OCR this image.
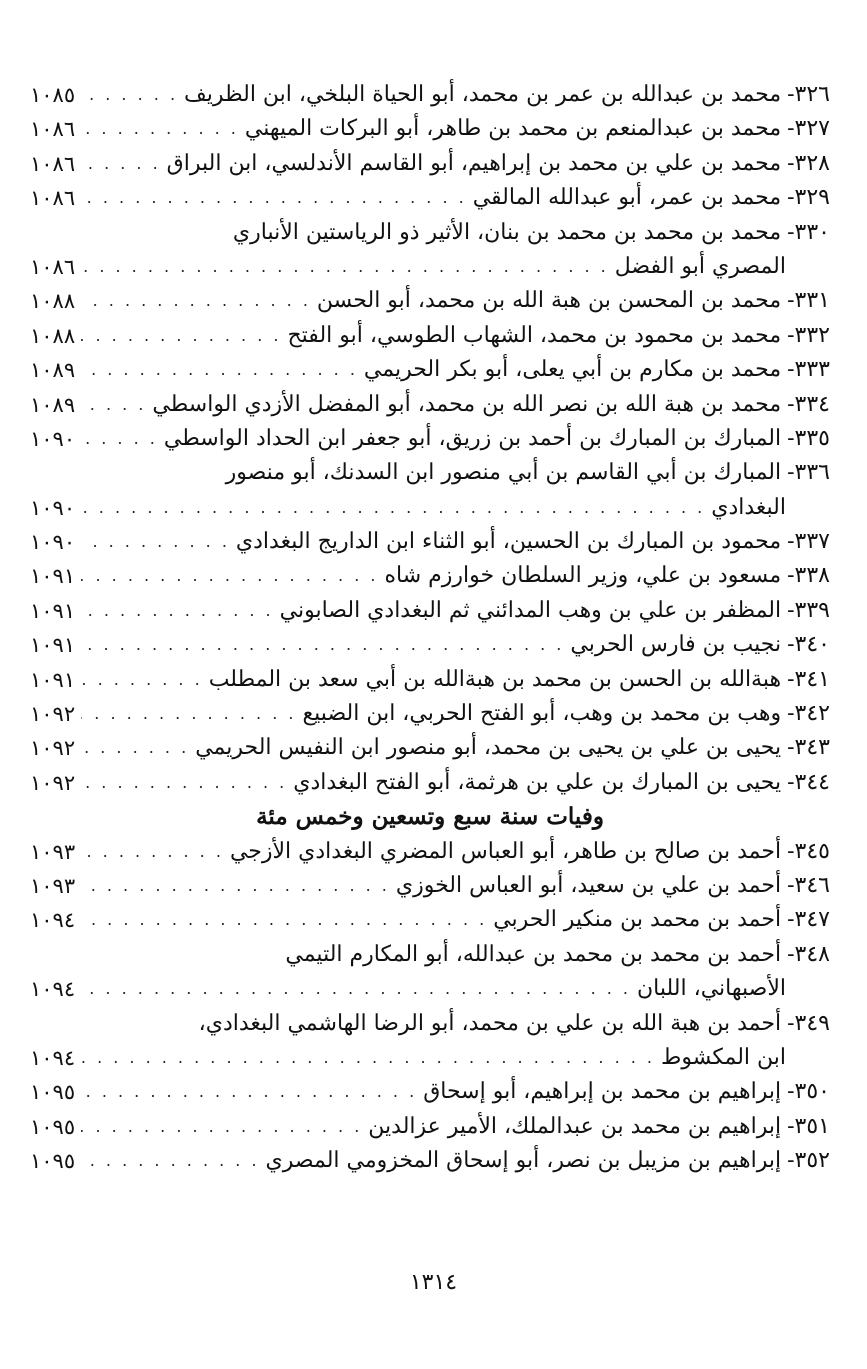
٣٢٦-
محمد بن عبدالله بن عمر بن محمد، أبو الحياة البلخي، ابن الظريف
. . .
١٠٨٥
٣٢٧-
محمد بن عبدالمنعم بن محمد بن طاهر، أبو البركات الميهني
. . .
١٠٨٦
٣٢٨-
محمد بن علي بن محمد بن إبراهيم، أبو القاسم الأندلسي، ابن البراق
. . .
١٠٨٦
٣٢٩-
محمد بن عمر، أبو عبدالله المالقي
. . .
١٠٨٦
٣٣٠-
محمد بن محمد بن محمد بن بنان، الأثير ذو الرياستين الأنباري
المصري أبو الفضل
. . .
١٠٨٦
٣٣١-
محمد بن المحسن بن هبة الله بن محمد، أبو الحسن
. . .
١٠٨٨
٣٣٢-
محمد بن محمود بن محمد، الشهاب الطوسي، أبو الفتح
. . .
١٠٨٨
٣٣٣-
محمد بن مكارم بن أبي يعلى، أبو بكر الحريمي
. . .
١٠٨٩
٣٣٤-
محمد بن هبة الله بن نصر الله بن محمد، أبو المفضل الأزدي الواسطي
. . .
١٠٨٩
٣٣٥-
المبارك بن المبارك بن أحمد بن زريق، أبو جعفر ابن الحداد الواسطي
. . .
١٠٩٠
٣٣٦-
المبارك بن أبي القاسم بن أبي منصور ابن السدنك، أبو منصور
البغدادي
. . .
١٠٩٠
٣٣٧-
محمود بن المبارك بن الحسين، أبو الثناء ابن الداريج البغدادي
. . .
١٠٩٠
٣٣٨-
مسعود بن علي، وزير السلطان خوارزم شاه
. . .
١٠٩١
٣٣٩-
المظفر بن علي بن وهب المدائني ثم البغدادي الصابوني
. . .
١٠٩١
٣٤٠-
نجيب بن فارس الحربي
. . .
١٠٩١
٣٤١-
هبةالله بن الحسن بن محمد بن هبةالله بن أبي سعد بن المطلب
. . .
١٠٩١
٣٤٢-
وهب بن محمد بن وهب، أبو الفتح الحربي، ابن الضبيع
. . .
١٠٩٢
٣٤٣-
يحيى بن علي بن يحيى بن محمد، أبو منصور ابن النفيس الحريمي
. . .
١٠٩٢
٣٤٤-
يحيى بن المبارك بن علي بن هرثمة، أبو الفتح البغدادي
. . .
١٠٩٢
وفيات سنة سبع وتسعين وخمس مئة
٣٤٥-
أحمد بن صالح بن طاهر، أبو العباس المضري البغدادي الأزجي
. . .
١٠٩٣
٣٤٦-
أحمد بن علي بن سعيد، أبو العباس الخوزي
. . .
١٠٩٣
٣٤٧-
أحمد بن محمد بن منكير الحربي
. . .
١٠٩٤
٣٤٨-
أحمد بن محمد بن محمد بن عبدالله، أبو المكارم التيمي
الأصبهاني، اللبان
. . .
١٠٩٤
٣٤٩-
أحمد بن هبة الله بن علي بن محمد، أبو الرضا الهاشمي البغدادي،
ابن المكشوط
. . .
١٠٩٤
٣٥٠-
إبراهيم بن محمد بن إبراهيم، أبو إسحاق
. . .
١٠٩٥
٣٥١-
إبراهيم بن محمد بن عبدالملك، الأمير عزالدين
. . .
١٠٩٥
٣٥٢-
إبراهيم بن مزيبل بن نصر، أبو إسحاق المخزومي المصري
. . .
١٠٩٥
١٣١٤
